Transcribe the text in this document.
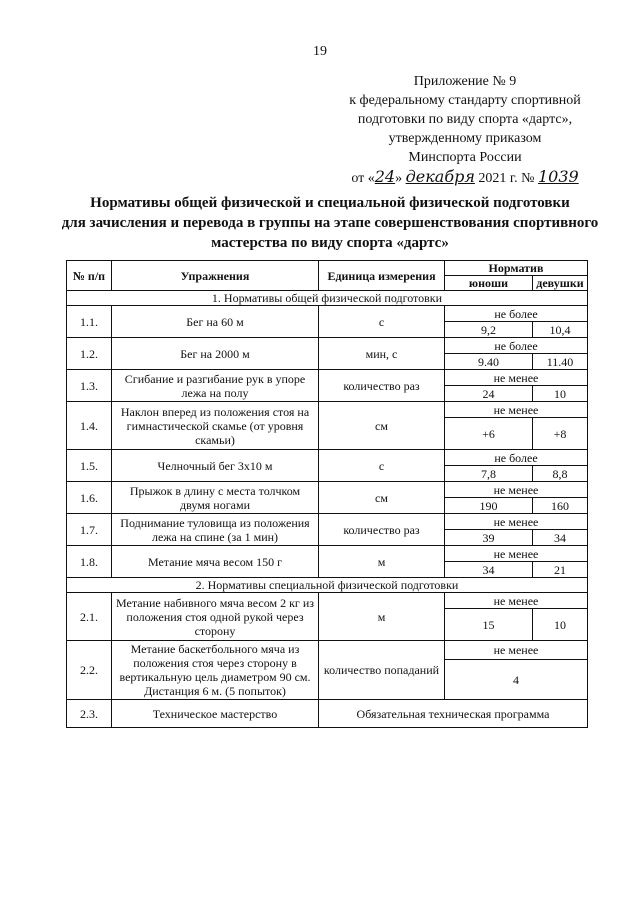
19
Приложение № 9
к федеральному стандарту спортивной
подготовки по виду спорта «дартс»,
утвержденному приказом
Минспорта России
от «24» декабря 2021 г. № 1039
Нормативы общей физической и специальной физической подготовки
для зачисления и перевода в группы на этапе совершенствования спортивного
мастерства по виду спорта «дартс»
№ п/п	Упражнения	Единица измерения	Норматив	
			юноши	девушки
1. Нормативы общей физической подготовки				
1.1.	Бег на 60 м	с	не более	
			9,2	10,4
1.2.	Бег на 2000 м	мин, с	не более	
			9.40	11.40
1.3.	Сгибание и разгибание рук в упоре лежа на полу	количество раз	не менее	
			24	10
1.4.	Наклон вперед из положения стоя на гимнастической скамье (от уровня скамьи)	см	не менее	
			+6	+8
1.5.	Челночный бег 3х10 м	с	не более	
			7,8	8,8
1.6.	Прыжок в длину с места толчком двумя ногами	см	не менее	
			190	160
1.7.	Поднимание туловища из положения лежа на спине (за 1 мин)	количество раз	не менее	
			39	34
1.8.	Метание мяча весом 150 г	м	не менее	
			34	21
2. Нормативы специальной физической подготовки				
2.1.	Метание набивного мяча весом 2 кг из положения стоя одной рукой через сторону	м	не менее	
			15	10
2.2.	Метание баскетбольного мяча из положения стоя через сторону в вертикальную цель диаметром 90 см. Дистанция 6 м. (5 попыток)	количество попаданий	не менее	
			4	
2.3.	Техническое мастерство	Обязательная техническая программа		
